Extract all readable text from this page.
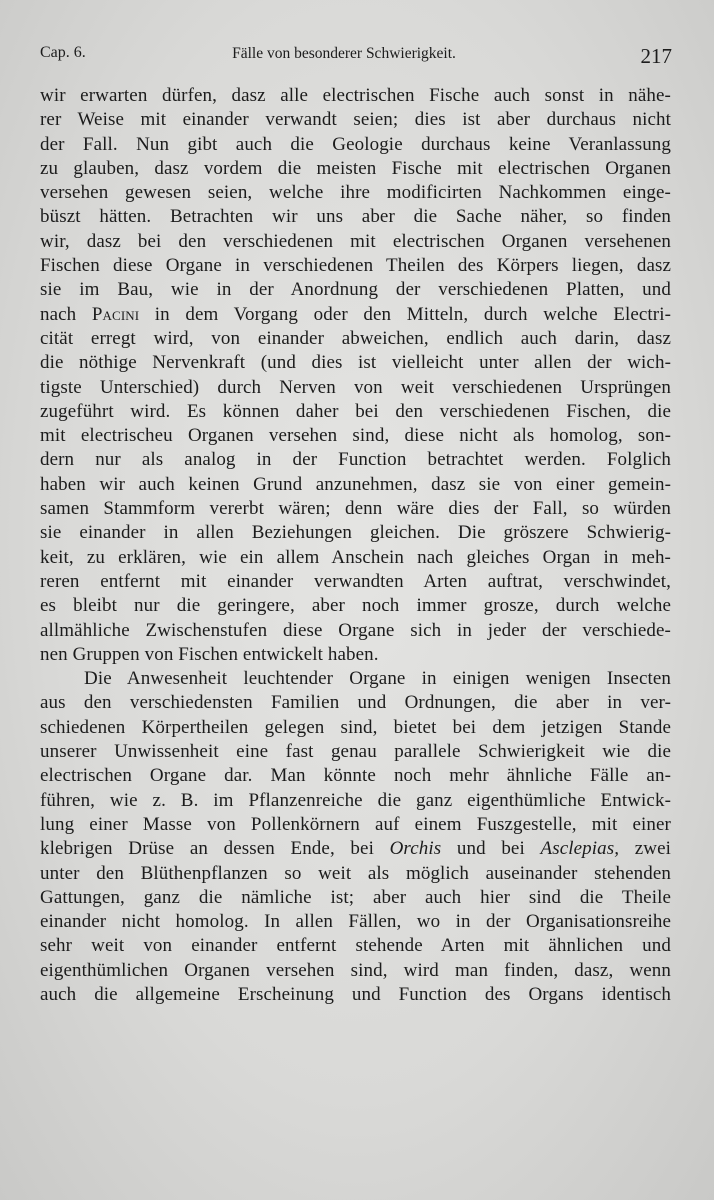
Cap. 6.	Fälle von besonderer Schwierigkeit.	217
wir erwarten dürfen, dasz alle electrischen Fische auch sonst in nähe-
rer Weise mit einander verwandt seien; dies ist aber durchaus nicht
der Fall. Nun gibt auch die Geologie durchaus keine Veranlassung
zu glauben, dasz vordem die meisten Fische mit electrischen Organen
versehen gewesen seien, welche ihre modificirten Nachkommen einge-
büszt hätten. Betrachten wir uns aber die Sache näher, so finden
wir, dasz bei den verschiedenen mit electrischen Organen versehenen
Fischen diese Organe in verschiedenen Theilen des Körpers liegen, dasz
sie im Bau, wie in der Anordnung der verschiedenen Platten, und
nach Pacini in dem Vorgang oder den Mitteln, durch welche Electri-
cität erregt wird, von einander abweichen, endlich auch darin, dasz
die nöthige Nervenkraft (und dies ist vielleicht unter allen der wich-
tigste Unterschied) durch Nerven von weit verschiedenen Ursprüngen
zugeführt wird. Es können daher bei den verschiedenen Fischen, die
mit electrischeu Organen versehen sind, diese nicht als homolog, son-
dern nur als analog in der Function betrachtet werden. Folglich
haben wir auch keinen Grund anzunehmen, dasz sie von einer gemein-
samen Stammform vererbt wären; denn wäre dies der Fall, so würden
sie einander in allen Beziehungen gleichen. Die gröszere Schwierig-
keit, zu erklären, wie ein allem Anschein nach gleiches Organ in meh-
reren entfernt mit einander verwandten Arten auftrat, verschwindet,
es bleibt nur die geringere, aber noch immer grosze, durch welche
allmähliche Zwischenstufen diese Organe sich in jeder der verschiede-
nen Gruppen von Fischen entwickelt haben.
Die Anwesenheit leuchtender Organe in einigen wenigen Insecten
aus den verschiedensten Familien und Ordnungen, die aber in ver-
schiedenen Körpertheilen gelegen sind, bietet bei dem jetzigen Stande
unserer Unwissenheit eine fast genau parallele Schwierigkeit wie die
electrischen Organe dar. Man könnte noch mehr ähnliche Fälle an-
führen, wie z. B. im Pflanzenreiche die ganz eigenthümliche Entwick-
lung einer Masse von Pollenkörnern auf einem Fuszgestelle, mit einer
klebrigen Drüse an dessen Ende, bei Orchis und bei Asclepias, zwei
unter den Blüthenpflanzen so weit als möglich auseinander stehenden
Gattungen, ganz die nämliche ist; aber auch hier sind die Theile
einander nicht homolog. In allen Fällen, wo in der Organisationsreihe
sehr weit von einander entfernt stehende Arten mit ähnlichen und
eigenthümlichen Organen versehen sind, wird man finden, dasz, wenn
auch die allgemeine Erscheinung und Function des Organs identisch
